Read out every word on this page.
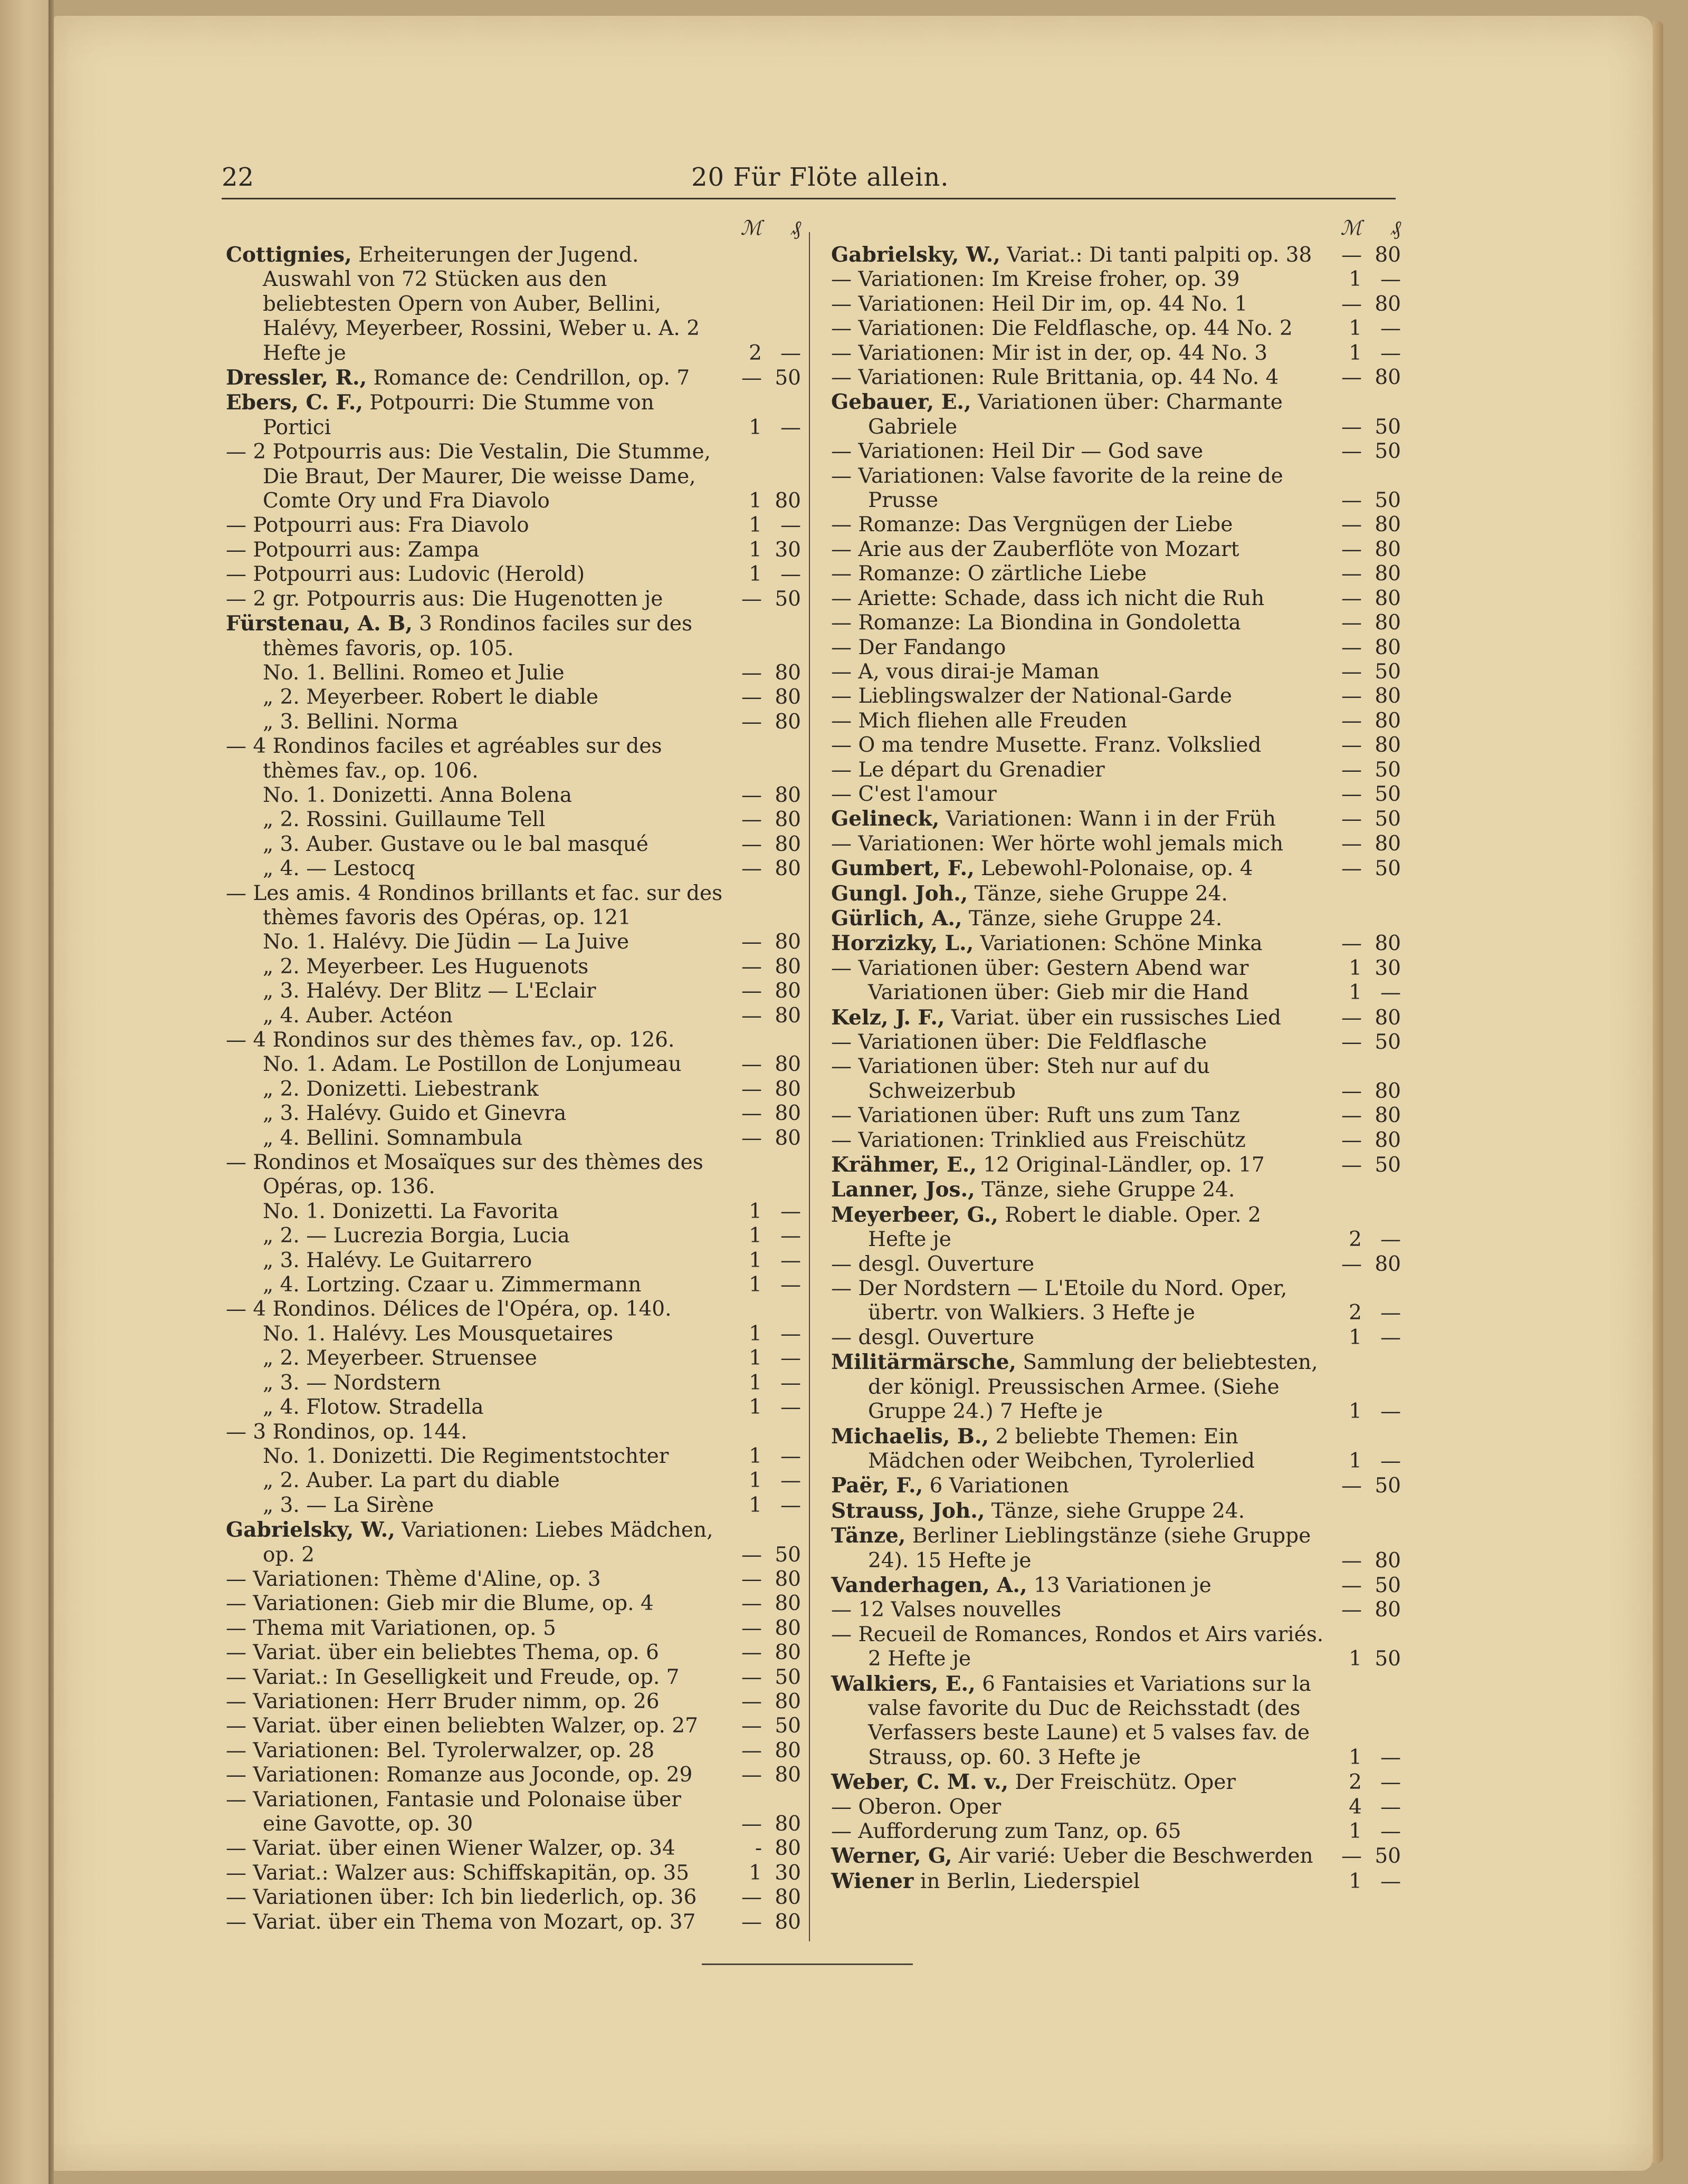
22	20 Für Flöte allein.
ℳ	₰
Cottignies, Erheiterungen der Jugend. Auswahl von 72 Stücken aus den beliebtesten Opern von Auber, Bellini, Halévy, Meyerbeer, Rossini, Weber u. A. 2 Hefte je	2 —
Dressler, R., Romance de: Cendrillon, op. 7	— 50
Ebers, C. F., Potpourri: Die Stumme von Portici	1 —
— 2 Potpourris aus: Die Vestalin, Die Stumme, Die Braut, Der Maurer, Die weisse Dame, Comte Ory und Fra Diavolo	1 80
— Potpourri aus: Fra Diavolo	1 —
— Potpourri aus: Zampa	1 30
— Potpourri aus: Ludovic (Herold)	1 —
— 2 gr. Potpourris aus: Die Hugenotten je	— 50
Fürstenau, A. B, 3 Rondinos faciles sur des thèmes favoris, op. 105.
No. 1. Bellini. Romeo et Julie	— 80
„ 2. Meyerbeer. Robert le diable	— 80
„ 3. Bellini. Norma	— 80
— 4 Rondinos faciles et agréables sur des thèmes fav., op. 106.
No. 1. Donizetti. Anna Bolena	— 80
„ 2. Rossini. Guillaume Tell	— 80
„ 3. Auber. Gustave ou le bal masqué	— 80
„ 4. — Lestocq	— 80
— Les amis. 4 Rondinos brillants et fac. sur des thèmes favoris des Opéras, op. 121
No. 1. Halévy. Die Jüdin — La Juive	— 80
„ 2. Meyerbeer. Les Huguenots	— 80
„ 3. Halévy. Der Blitz — L'Eclair	— 80
„ 4. Auber. Actéon	— 80
— 4 Rondinos sur des thèmes fav., op. 126.
No. 1. Adam. Le Postillon de Lonjumeau	— 80
„ 2. Donizetti. Liebestrank	— 80
„ 3. Halévy. Guido et Ginevra	— 80
„ 4. Bellini. Somnambula	— 80
— Rondinos et Mosaïques sur des thèmes des Opéras, op. 136.
No. 1. Donizetti. La Favorita	1 —
„ 2. — Lucrezia Borgia, Lucia	1 —
„ 3. Halévy. Le Guitarrero	1 —
„ 4. Lortzing. Czaar u. Zimmermann	1 —
— 4 Rondinos. Délices de l'Opéra, op. 140.
No. 1. Halévy. Les Mousquetaires	1 —
„ 2. Meyerbeer. Struensee	1 —
„ 3. — Nordstern	1 —
„ 4. Flotow. Stradella	1 —
— 3 Rondinos, op. 144.
No. 1. Donizetti. Die Regimentstochter	1 —
„ 2. Auber. La part du diable	1 —
„ 3. — La Sirène	1 —
Gabrielsky, W., Variationen: Liebes Mädchen, op. 2	— 50
— Variationen: Thème d'Aline, op. 3	— 80
— Variationen: Gieb mir die Blume, op. 4	— 80
— Thema mit Variationen, op. 5	— 80
— Variat. über ein beliebtes Thema, op. 6	— 80
— Variat.: In Geselligkeit und Freude, op. 7	— 50
— Variationen: Herr Bruder nimm, op. 26	— 80
— Variat. über einen beliebten Walzer, op. 27	— 50
— Variationen: Bel. Tyrolerwalzer, op. 28	— 80
— Variationen: Romanze aus Joconde, op. 29	— 80
— Variationen, Fantasie und Polonaise über eine Gavotte, op. 30	— 80
— Variat. über einen Wiener Walzer, op. 34	- 80
— Variat.: Walzer aus: Schiffskapitän, op. 35	1 30
— Variationen über: Ich bin liederlich, op. 36	— 80
— Variat. über ein Thema von Mozart, op. 37	— 80
ℳ	₰
Gabrielsky, W., Variat.: Di tanti palpiti op. 38	— 80
— Variationen: Im Kreise froher, op. 39	1 —
— Variationen: Heil Dir im, op. 44 No. 1	— 80
— Variationen: Die Feldflasche, op. 44 No. 2	1 —
— Variationen: Mir ist in der, op. 44 No. 3	1 —
— Variationen: Rule Brittania, op. 44 No. 4	— 80
Gebauer, E., Variationen über: Charmante Gabriele	— 50
— Variationen: Heil Dir — God save	— 50
— Variationen: Valse favorite de la reine de Prusse	— 50
— Romanze: Das Vergnügen der Liebe	— 80
— Arie aus der Zauberflöte von Mozart	— 80
— Romanze: O zärtliche Liebe	— 80
— Ariette: Schade, dass ich nicht die Ruh	— 80
— Romanze: La Biondina in Gondoletta	— 80
— Der Fandango	— 80
— A, vous dirai-je Maman	— 50
— Lieblingswalzer der National-Garde	— 80
— Mich fliehen alle Freuden	— 80
— O ma tendre Musette. Franz. Volkslied	— 80
— Le départ du Grenadier	— 50
— C'est l'amour	— 50
Gelineck, Variationen: Wann i in der Früh	— 50
— Variationen: Wer hörte wohl jemals mich	— 80
Gumbert, F., Lebewohl-Polonaise, op. 4	— 50
Gungl. Joh., Tänze, siehe Gruppe 24.
Gürlich, A., Tänze, siehe Gruppe 24.
Horzizky, L., Variationen: Schöne Minka	— 80
— Variationen über: Gestern Abend war	1 30
Variationen über: Gieb mir die Hand	1 —
Kelz, J. F., Variat. über ein russisches Lied	— 80
— Variationen über: Die Feldflasche	— 50
— Variationen über: Steh nur auf du Schweizerbub	— 80
— Variationen über: Ruft uns zum Tanz	— 80
— Variationen: Trinklied aus Freischütz	— 80
Krähmer, E., 12 Original-Ländler, op. 17	— 50
Lanner, Jos., Tänze, siehe Gruppe 24.
Meyerbeer, G., Robert le diable. Oper. 2 Hefte je	2 —
— desgl. Ouverture	— 80
— Der Nordstern — L'Etoile du Nord. Oper, übertr. von Walkiers. 3 Hefte je	2 —
— desgl. Ouverture	1 —
Militärmärsche, Sammlung der beliebtesten, der königl. Preussischen Armee. (Siehe Gruppe 24.) 7 Hefte je	1 —
Michaelis, B., 2 beliebte Themen: Ein Mädchen oder Weibchen, Tyrolerlied	1 —
Paër, F., 6 Variationen	— 50
Strauss, Joh., Tänze, siehe Gruppe 24.
Tänze, Berliner Lieblingstänze (siehe Gruppe 24). 15 Hefte je	— 80
Vanderhagen, A., 13 Variationen je	— 50
— 12 Valses nouvelles	— 80
— Recueil de Romances, Rondos et Airs variés. 2 Hefte je	1 50
Walkiers, E., 6 Fantaisies et Variations sur la valse favorite du Duc de Reichsstadt (des Verfassers beste Laune) et 5 valses fav. de Strauss, op. 60. 3 Hefte je	1 —
Weber, C. M. v., Der Freischütz. Oper	2 —
— Oberon. Oper	4 —
— Aufforderung zum Tanz, op. 65	1 —
Werner, G, Air varié: Ueber die Beschwerden	— 50
Wiener in Berlin, Liederspiel	1 —
